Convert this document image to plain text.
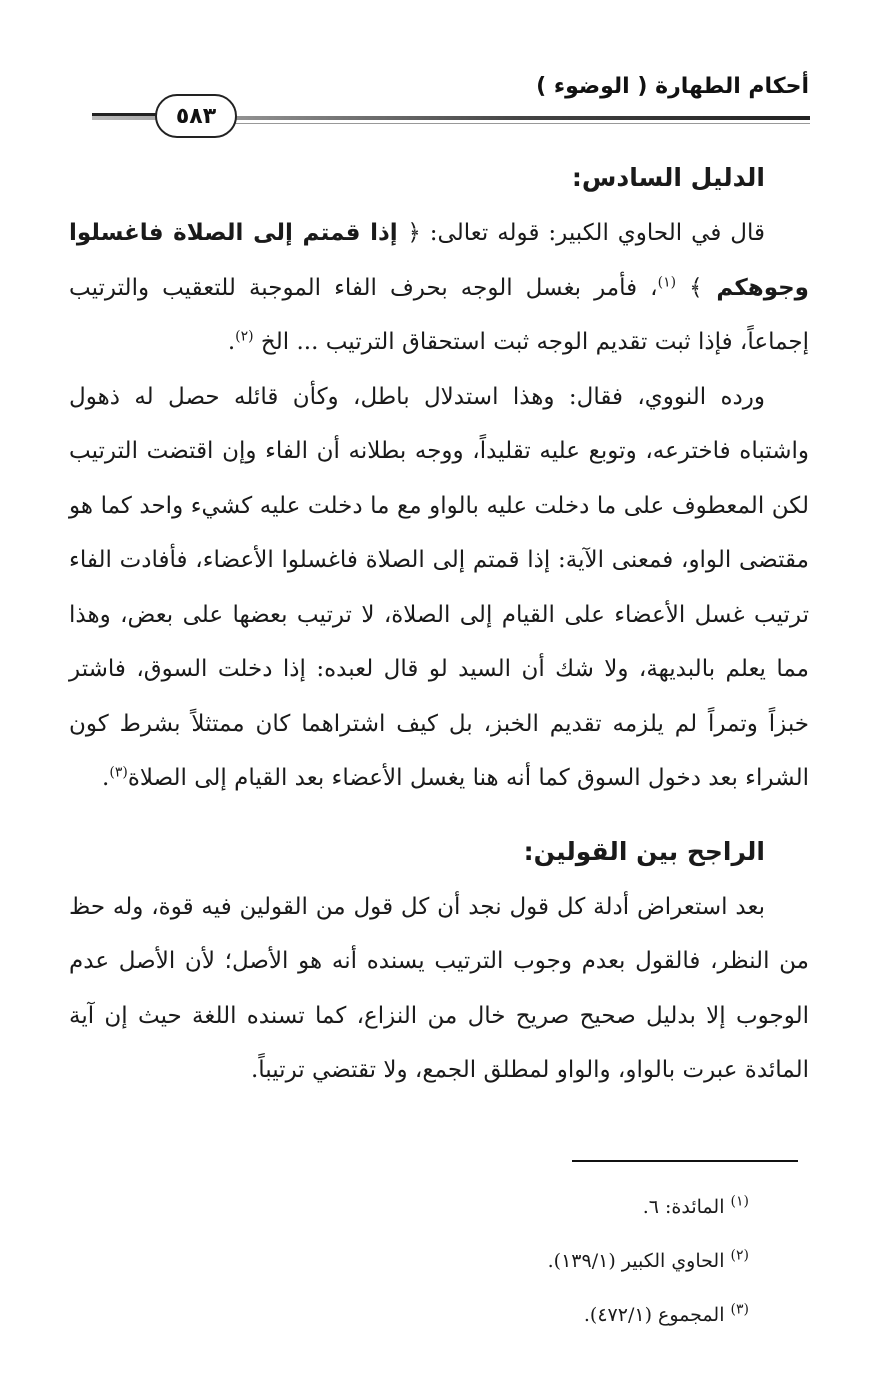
أحكام الطهارة ( الوضوء )
٥٨٣
الدليل السادس:

قال في الحاوي الكبير: قوله تعالى: ﴿ إذا قمتم إلى الصلاة فاغسلوا وجوهكم ﴾ $^{(١)}$، فأمر بغسل الوجه بحرف الفاء الموجبة للتعقيب والترتيب إجماعاً، فإذا ثبت تقديم الوجه ثبت استحقاق الترتيب ... الخ $^{(٢)}$.

ورده النووي، فقال: وهذا استدلال باطل، وكأن قائله حصل له ذهول واشتباه فاخترعه، وتوبع عليه تقليداً، ووجه بطلانه أن الفاء وإن اقتضت الترتيب لكن المعطوف على ما دخلت عليه بالواو مع ما دخلت عليه كشيء واحد كما هو مقتضى الواو، فمعنى الآية: إذا قمتم إلى الصلاة فاغسلوا الأعضاء، فأفادت الفاء ترتيب غسل الأعضاء على القيام إلى الصلاة، لا ترتيب بعضها على بعض، وهذا مما يعلم بالبديهة، ولا شك أن السيد لو قال لعبده: إذا دخلت السوق، فاشتر خبزاً وتمراً لم يلزمه تقديم الخبز، بل كيف اشتراهما كان ممتثلاً بشرط كون الشراء بعد دخول السوق كما أنه هنا يغسل الأعضاء بعد القيام إلى الصلاة$^{(٣)}$.

الراجح بين القولين:

بعد استعراض أدلة كل قول نجد أن كل قول من القولين فيه قوة، وله حظ من النظر، فالقول بعدم وجوب الترتيب يسنده أنه هو الأصل؛ لأن الأصل عدم الوجوب إلا بدليل صحيح صريح خال من النزاع، كما تسنده اللغة حيث إن آية المائدة عبرت بالواو، والواو لمطلق الجمع، ولا تقتضي ترتيباً.

$^{(١)}$ المائدة: ٦.

$^{(٢)}$ الحاوي الكبير (١٣٩/١).

$^{(٣)}$ المجموع (٤٧٢/١).
